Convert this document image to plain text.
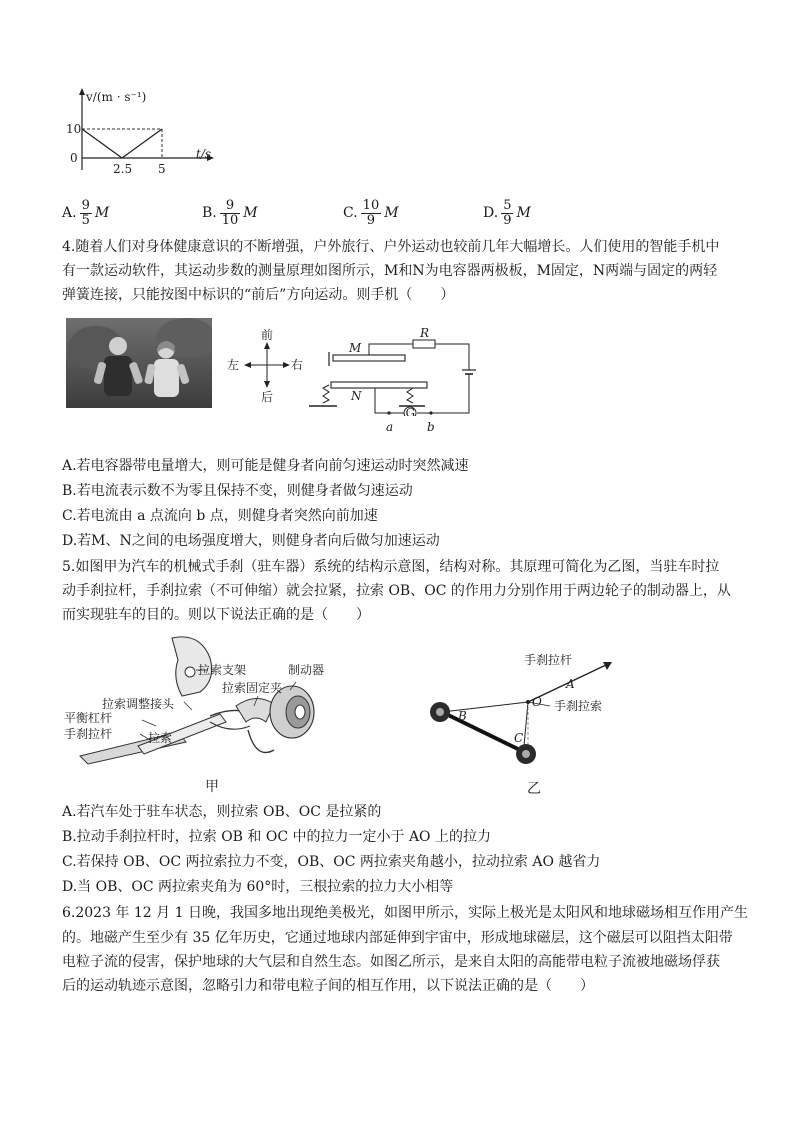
v/(m · s⁻¹)
t/s
10
0
2.5 5
A. $\frac{9}{5}$ M	B. $\frac{9}{10}$ M	C. $\frac{10}{9}$ M	D. $\frac{5}{9}$ M
4.随着人们对身体健康意识的不断增强，户外旅行、户外运动也较前几年大幅增长。人们使用的智能手机中
有一款运动软件，其运动步数的测量原理如图所示，M和N为电容器两极板，M固定，N两端与固定的两轻
弹簧连接，只能按图中标识的“前后”方向运动。则手机（　　）
前
后
左	右
M
N
R
G
a	b
A.若电容器带电量增大，则可能是健身者向前匀速运动时突然减速
B.若电流表示数不为零且保持不变，则健身者做匀速运动
C.若电流由 a 点流向 b 点，则健身者突然向前加速
D.若M、N之间的电场强度增大，则健身者向后做匀加速运动
5.如图甲为汽车的机械式手刹（驻车器）系统的结构示意图，结构对称。其原理可简化为乙图，当驻车时拉
动手刹拉杆，手刹拉索（不可伸缩）就会拉紧，拉索 OB、OC 的作用力分别作用于两边轮子的制动器上，从
而实现驻车的目的。则以下说法正确的是（　　）
拉索支架	制动器
拉索固定夹
拉索调整接头
平衡杠杆
手刹拉杆	拉索
甲
手刹拉杆
手刹拉索
A
O
B
C
乙
A.若汽车处于驻车状态，则拉索 OB、OC 是拉紧的
B.拉动手刹拉杆时，拉索 OB 和 OC 中的拉力一定小于 AO 上的拉力
C.若保持 OB、OC 两拉索拉力不变，OB、OC 两拉索夹角越小，拉动拉索 AO 越省力
D.当 OB、OC 两拉索夹角为 60°时，三根拉索的拉力大小相等
6.2023 年 12 月 1 日晚，我国多地出现绝美极光，如图甲所示，实际上极光是太阳风和地球磁场相互作用产生
的。地磁产生至少有 35 亿年历史，它通过地球内部延伸到宇宙中，形成地球磁层，这个磁层可以阻挡太阳带
电粒子流的侵害，保护地球的大气层和自然生态。如图乙所示，是来自太阳的高能带电粒子流被地磁场俘获
后的运动轨迹示意图，忽略引力和带电粒子间的相互作用，以下说法正确的是（　　）
